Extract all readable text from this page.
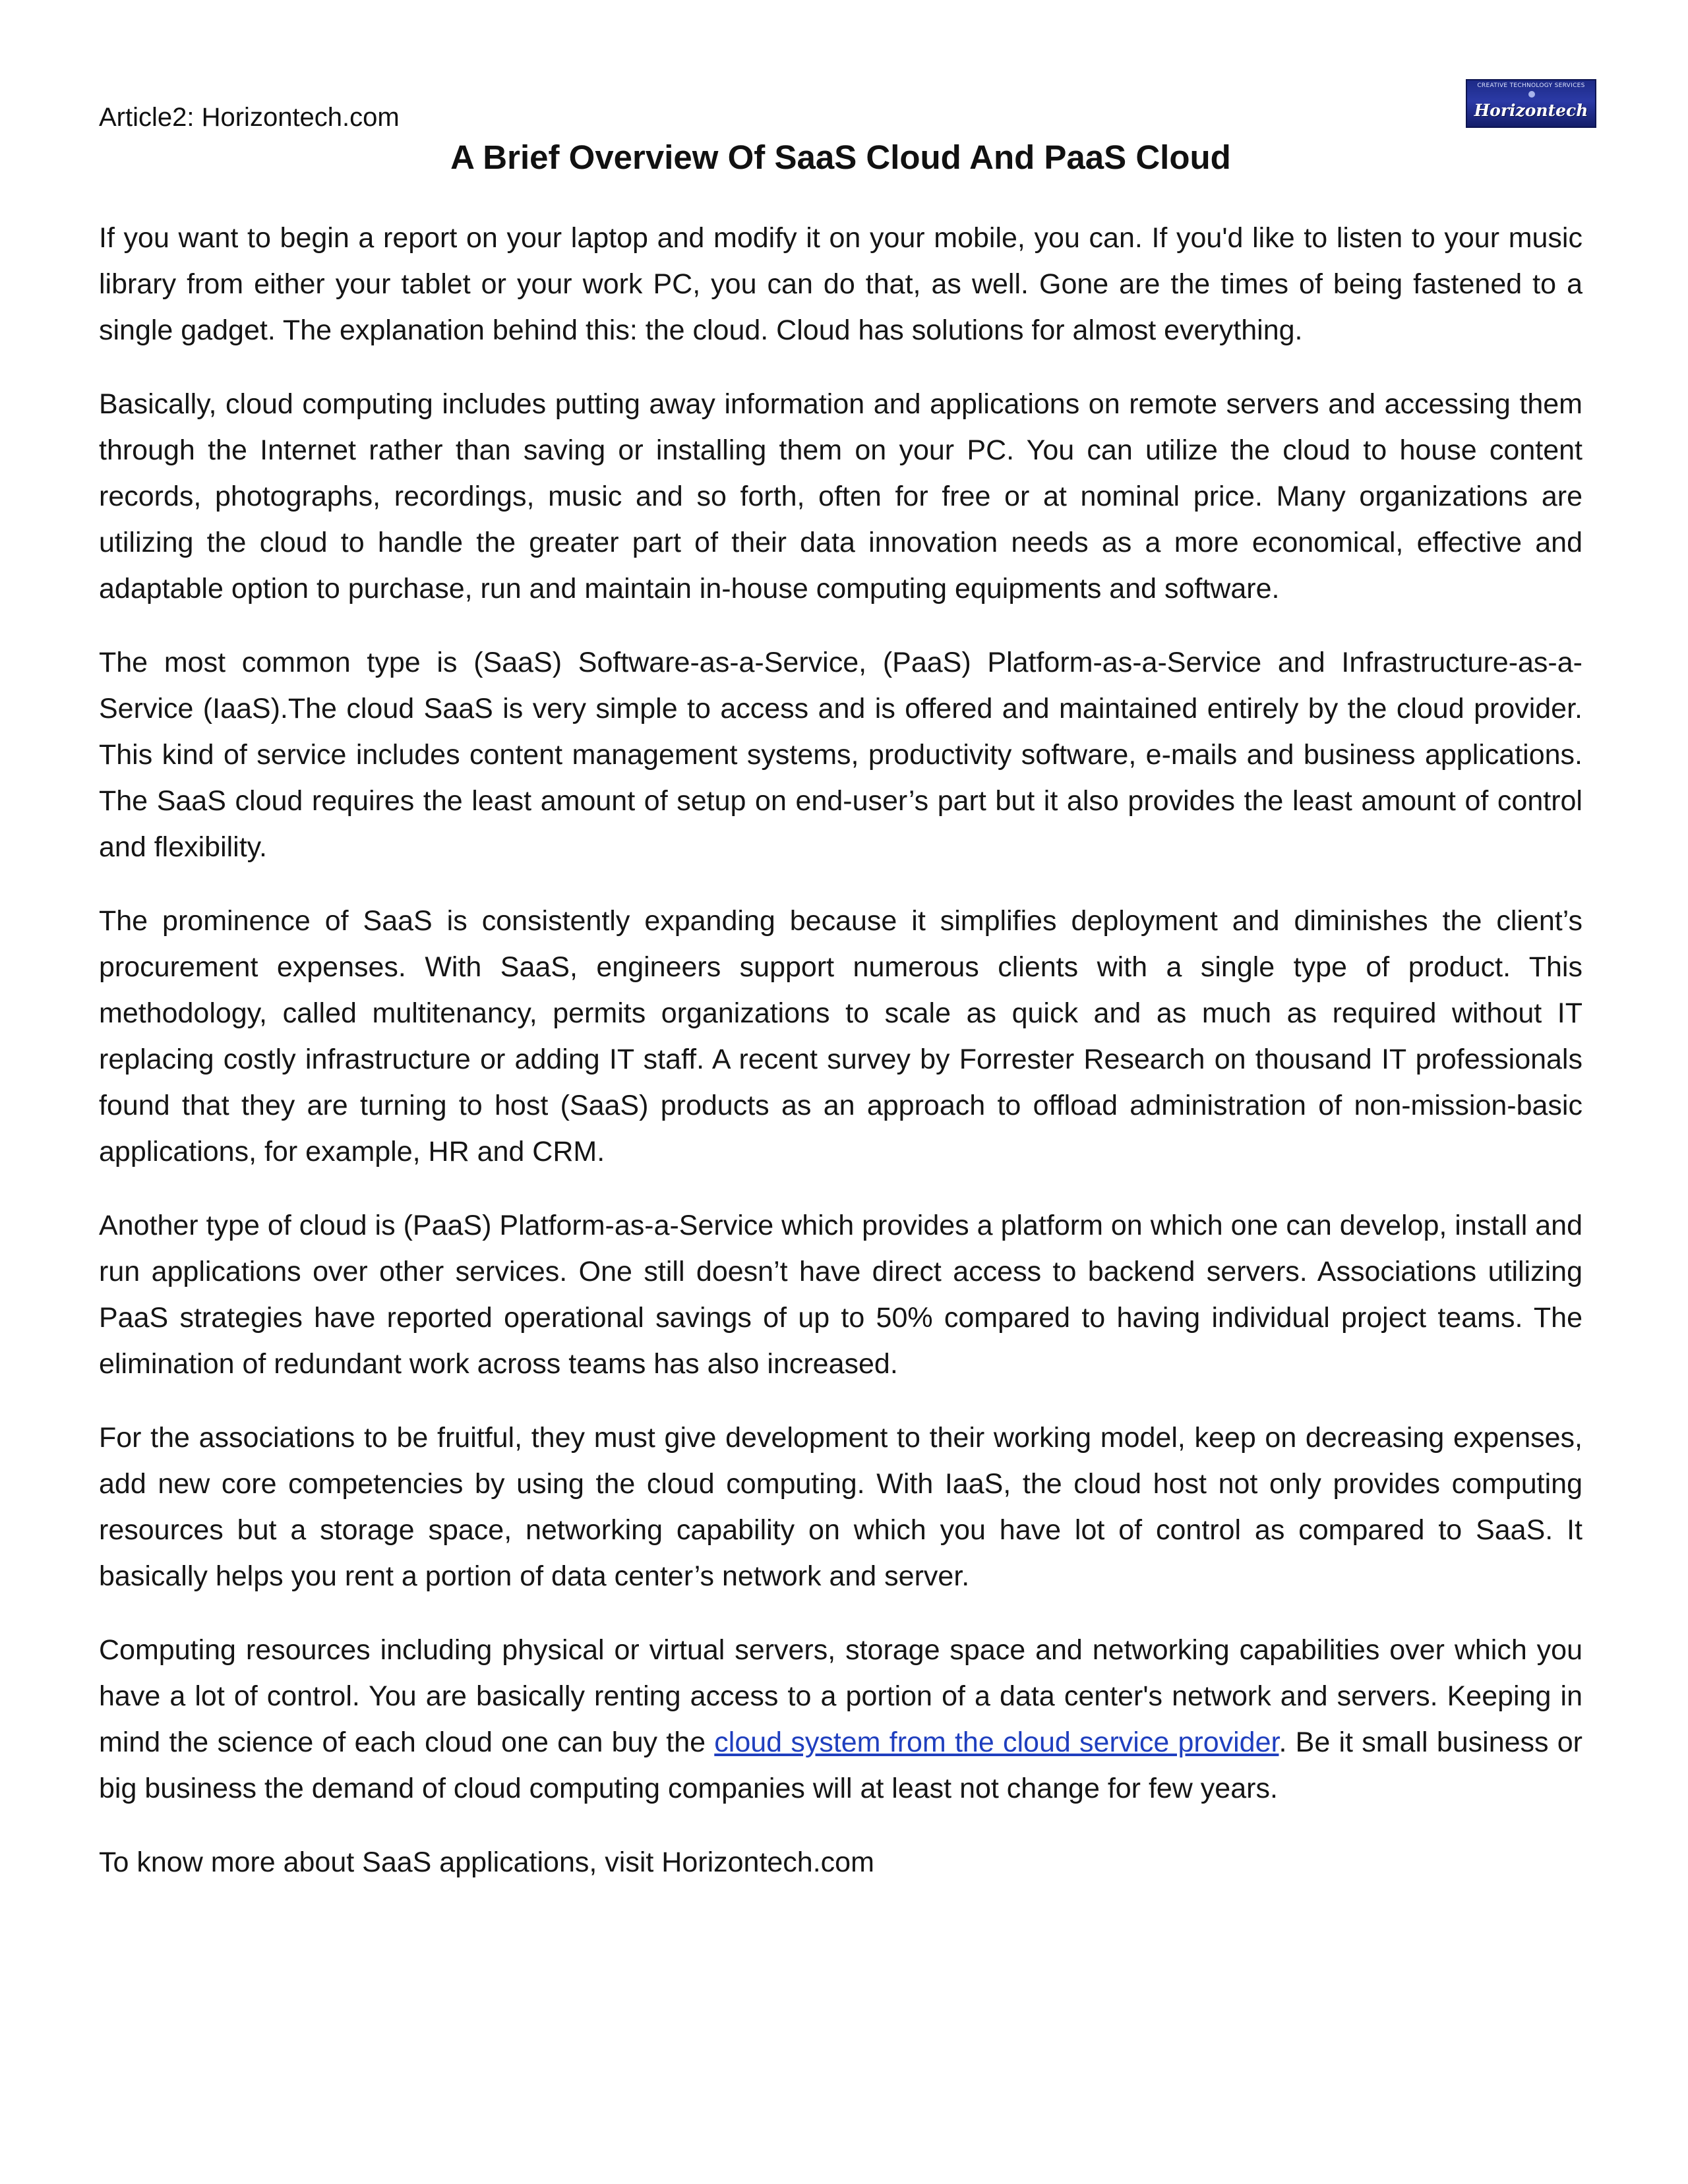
Article2: Horizontech.com

CREATIVE TECHNOLOGY SERVICES
Horizontech
A Brief Overview Of SaaS Cloud And PaaS Cloud

If you want to begin a report on your laptop and modify it on your mobile, you can. If you'd like to listen to your music library from either your tablet or your work PC, you can do that, as well. Gone are the times of being fastened to a single gadget. The explanation behind this: the cloud. Cloud has solutions for almost everything.

Basically, cloud computing includes putting away information and applications on remote servers and accessing them through the Internet rather than saving or installing them on your PC. You can utilize the cloud to house content records, photographs, recordings, music and so forth, often for free or at nominal price. Many organizations are utilizing the cloud to handle the greater part of their data innovation needs as a more economical, effective and adaptable option to purchase, run and maintain in-house computing equipments and software.

The most common type is (SaaS) Software-as-a-Service, (PaaS) Platform-as-a-Service and Infrastructure-as-a-Service (IaaS).The cloud SaaS is very simple to access and is offered and maintained entirely by the cloud provider. This kind of service includes content management systems, productivity software, e-mails and business applications. The SaaS cloud requires the least amount of setup on end-user’s part but it also provides the least amount of control and flexibility.

The prominence of SaaS is consistently expanding because it simplifies deployment and diminishes the client’s procurement expenses. With SaaS, engineers support numerous clients with a single type of product. This methodology, called multitenancy, permits organizations to scale as quick and as much as required without IT replacing costly infrastructure or adding IT staff. A recent survey by Forrester Research on thousand IT professionals found that they are turning to host (SaaS) products as an approach to offload administration of non-mission-basic applications, for example, HR and CRM.

Another type of cloud is (PaaS) Platform-as-a-Service which provides a platform on which one can develop, install and run applications over other services. One still doesn’t have direct access to backend servers. Associations utilizing PaaS strategies have reported operational savings of up to 50% compared to having individual project teams. The elimination of redundant work across teams has also increased.

For the associations to be fruitful, they must give development to their working model, keep on decreasing expenses, add new core competencies by using the cloud computing. With IaaS, the cloud host not only provides computing resources but a storage space, networking capability on which you have lot of control as compared to SaaS. It basically helps you rent a portion of data center’s network and server.

Computing resources including physical or virtual servers, storage space and networking capabilities over which you have a lot of control. You are basically renting access to a portion of a data center's network and servers. Keeping in mind the science of each cloud one can buy the cloud system from the cloud service provider. Be it small business or big business the demand of cloud computing companies will at least not change for few years.

To know more about SaaS applications, visit Horizontech.com
